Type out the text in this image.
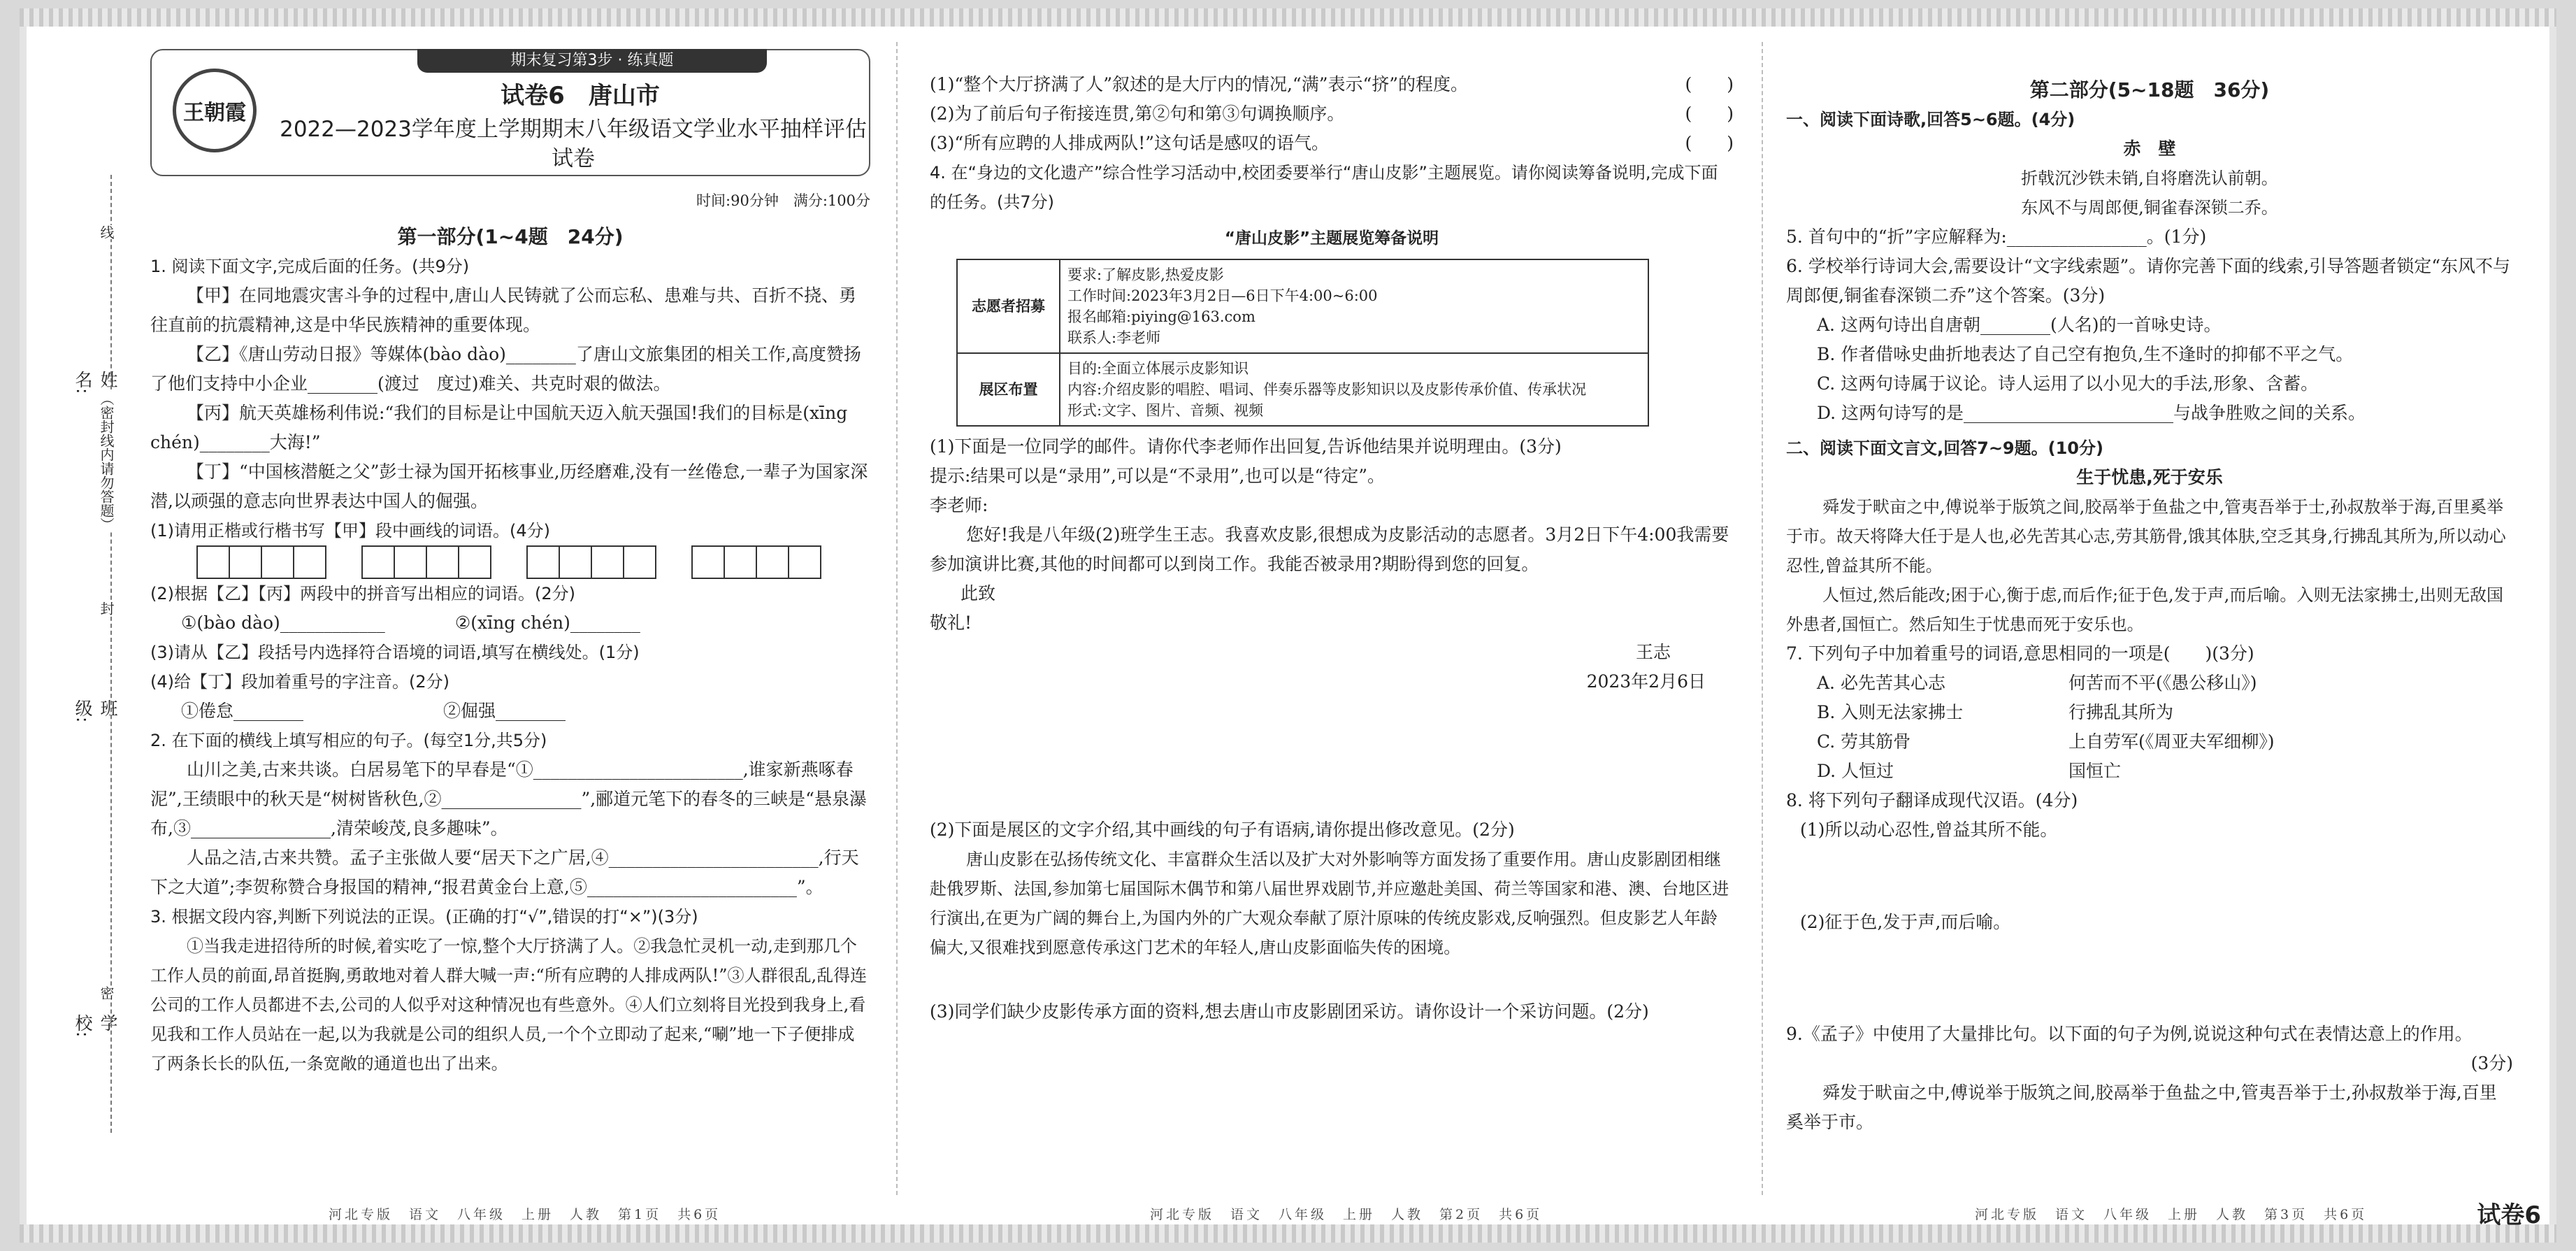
姓名:
班级:
学校:
线
（密封线内请勿答题）
封
密
期末复习第3步 · 练真题
王朝霞
试卷6　唐山市
2022—2023学年度上学期期末八年级语文学业水平抽样评估试卷

时间:90分钟　满分:100分

第一部分(1~4题　24分)

1. 阅读下面文字,完成后面的任务。(共9分)

【甲】在同地震灾害斗争的过程中,唐山人民铸就了公而忘私、患难与共、百折不挠、勇往直前的抗震精神,这是中华民族精神的重要体现。

【乙】《唐山劳动日报》等媒体(bào dào)________了唐山文旅集团的相关工作,高度赞扬了他们支持中小企业________(渡过　度过)难关、共克时艰的做法。

【丙】航天英雄杨利伟说:“我们的目标是让中国航天迈入航天强国!我们的目标是(xīng chén)________大海!”

【丁】“中国核潜艇之父”彭士禄为国开拓核事业,历经磨难,没有一丝倦怠,一辈子为国家深潜,以顽强的意志向世界表达中国人的倔强。

(1)请用正楷或行楷书写【甲】段中画线的词语。(4分)

(2)根据【乙】【丙】两段中的拼音写出相应的词语。(2分)

①(bào dào)____________　　　　	②(xīng chén)________

(3)请从【乙】段括号内选择符合语境的词语,填写在横线处。(1分)

(4)给【丁】段加着重号的字注音。(2分)

①倦怠________　　　　　　　　	②倔强________

2. 在下面的横线上填写相应的句子。(每空1分,共5分)

山川之美,古来共谈。白居易笔下的早春是“①________________________,谁家新燕啄春泥”,王绩眼中的秋天是“树树皆秋色,②________________”,郦道元笔下的春冬的三峡是“悬泉瀑布,③________________,清荣峻茂,良多趣味”。

人品之洁,古来共赞。孟子主张做人要“居天下之广居,④________________________,行天下之大道”;李贺称赞合身报国的精神,“报君黄金台上意,⑤________________________”。

3. 根据文段内容,判断下列说法的正误。(正确的打“√”,错误的打“×”)(3分)

①当我走进招待所的时候,着实吃了一惊,整个大厅挤满了人。②我急忙灵机一动,走到那几个工作人员的前面,昂首挺胸,勇敢地对着人群大喊一声:“所有应聘的人排成两队!”③人群很乱,乱得连公司的工作人员都进不去,公司的人似乎对这种情况也有些意外。④人们立刻将目光投到我身上,看见我和工作人员站在一起,以为我就是公司的组织人员,一个个立即动了起来,“唰”地一下子便排成了两条长长的队伍,一条宽敞的通道也出了出来。

河北专版　语文　八年级　上册　人教　第1页　共6页

(1)“整个大厅挤满了人”叙述的是大厅内的情况,“满”表示“挤”的程度。	(　　)

(2)为了前后句子衔接连贯,第②句和第③句调换顺序。	(　　)

(3)“所有应聘的人排成两队!”这句话是感叹的语气。	(　　)

4. 在“身边的文化遗产”综合性学习活动中,校团委要举行“唐山皮影”主题展览。请你阅读筹备说明,完成下面的任务。(共7分)

“唐山皮影”主题展览筹备说明

志愿者招募	要求:了解皮影,热爱皮影
工作时间:2023年3月2日—6日下午4:00~6:00
报名邮箱:piying@163.com
联系人:李老师

展区布置	目的:全面立体展示皮影知识
内容:介绍皮影的唱腔、唱词、伴奏乐器等皮影知识以及皮影传承价值、传承状况
形式:文字、图片、音频、视频

(1)下面是一位同学的邮件。请你代李老师作出回复,告诉他结果并说明理由。(3分)

提示:结果可以是“录用”,可以是“不录用”,也可以是“待定”。

李老师:

您好!我是八年级(2)班学生王志。我喜欢皮影,很想成为皮影活动的志愿者。3月2日下午4:00我需要参加演讲比赛,其他的时间都可以到岗工作。我能否被录用?期盼得到您的回复。

此致

敬礼!

王志

2023年2月6日

(2)下面是展区的文字介绍,其中画线的句子有语病,请你提出修改意见。(2分)

唐山皮影在弘扬传统文化、丰富群众生活以及扩大对外影响等方面发扬了重要作用。唐山皮影剧团相继赴俄罗斯、法国,参加第七届国际木偶节和第八届世界戏剧节,并应邀赴美国、荷兰等国家和港、澳、台地区进行演出,在更为广阔的舞台上,为国内外的广大观众奉献了原汁原味的传统皮影戏,反响强烈。但皮影艺人年龄偏大,又很难找到愿意传承这门艺术的年轻人,唐山皮影面临失传的困境。

(3)同学们缺少皮影传承方面的资料,想去唐山市皮影剧团采访。请你设计一个采访问题。(2分)

河北专版　语文　八年级　上册　人教　第2页　共6页

第二部分(5~18题　36分)

一、阅读下面诗歌,回答5~6题。(4分)

赤　壁

折戟沉沙铁未销,自将磨洗认前朝。

东风不与周郎便,铜雀春深锁二乔。

5. 首句中的“折”字应解释为:________________。(1分)

6. 学校举行诗词大会,需要设计“文字线索题”。请你完善下面的线索,引导答题者锁定“东风不与周郎便,铜雀春深锁二乔”这个答案。(3分)

A. 这两句诗出自唐朝________(人名)的一首咏史诗。

B. 作者借咏史曲折地表达了自己空有抱负,生不逢时的抑郁不平之气。

C. 这两句诗属于议论。诗人运用了以小见大的手法,形象、含蓄。

D. 这两句诗写的是________________________与战争胜败之间的关系。

二、阅读下面文言文,回答7~9题。(10分)

生于忧患,死于安乐

舜发于畎亩之中,傅说举于版筑之间,胶鬲举于鱼盐之中,管夷吾举于士,孙叔敖举于海,百里奚举于市。故天将降大任于是人也,必先苦其心志,劳其筋骨,饿其体肤,空乏其身,行拂乱其所为,所以动心忍性,曾益其所不能。

人恒过,然后能改;困于心,衡于虑,而后作;征于色,发于声,而后喻。入则无法家拂士,出则无敌国外患者,国恒亡。然后知生于忧患而死于安乐也。

7. 下列句子中加着重号的词语,意思相同的一项是(　　)(3分)

A. 必先苦其心志	何苦而不平(《愚公移山》)
B. 入则无法家拂士	行拂乱其所为
C. 劳其筋骨	上自劳军(《周亚夫军细柳》)
D. 人恒过	国恒亡

8. 将下列句子翻译成现代汉语。(4分)

(1)所以动心忍性,曾益其所不能。

(2)征于色,发于声,而后喻。

9.《孟子》中使用了大量排比句。以下面的句子为例,说说这种句式在表情达意上的作用。

(3分)

舜发于畎亩之中,傅说举于版筑之间,胶鬲举于鱼盐之中,管夷吾举于士,孙叔敖举于海,百里奚举于市。

河北专版　语文　八年级　上册　人教　第3页　共6页	试卷6
